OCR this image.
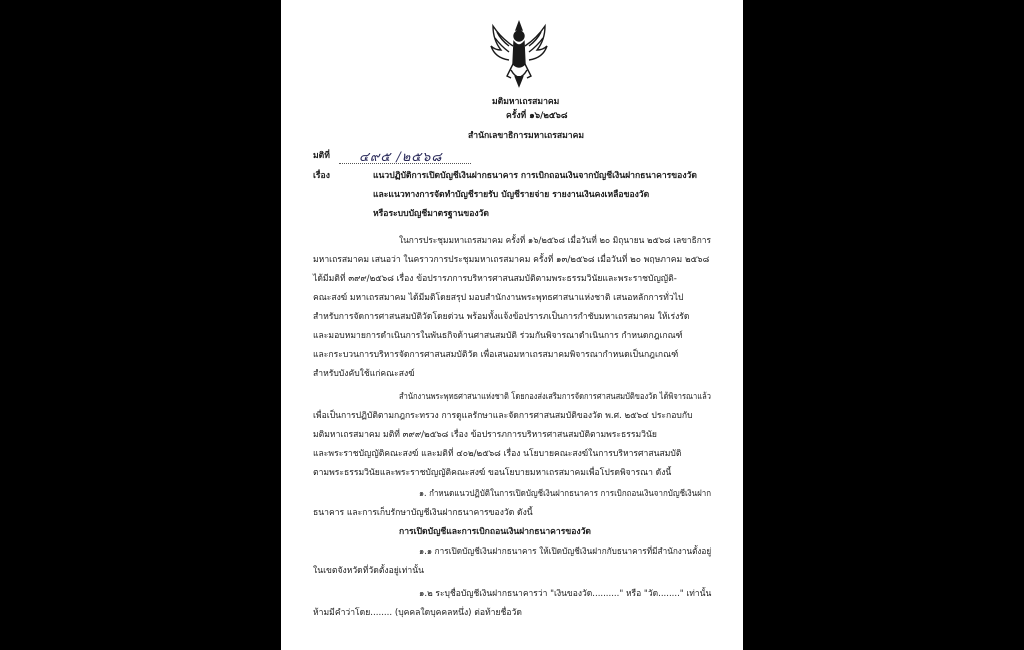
มติมหาเถรสมาคม
ครั้งที่ ๑๖/๒๕๖๘
สำนักเลขาธิการมหาเถรสมาคม
มติที่ ๔๙๕ /๒๕๖๘
เรื่อง	แนวปฏิบัติการเปิดบัญชีเงินฝากธนาคาร การเบิกถอนเงินจากบัญชีเงินฝากธนาคารของวัด
และแนวทางการจัดทำบัญชีรายรับ บัญชีรายจ่าย รายงานเงินคงเหลือของวัด
หรือระบบบัญชีมาตรฐานของวัด
ในการประชุมมหาเถรสมาคม ครั้งที่ ๑๖/๒๕๖๘ เมื่อวันที่ ๒๐ มิถุนายน ๒๕๖๘ เลขาธิการ
มหาเถรสมาคม เสนอว่า ในคราวการประชุมมหาเถรสมาคม ครั้งที่ ๑๓/๒๕๖๘ เมื่อวันที่ ๒๐ พฤษภาคม ๒๕๖๘
ได้มีมติที่ ๓๙๙/๒๕๖๘ เรื่อง ข้อปรารภการบริหารศาสนสมบัติตามพระธรรมวินัยและพระราชบัญญัติ-
คณะสงฆ์ มหาเถรสมาคม ได้มีมติโดยสรุป มอบสำนักงานพระพุทธศาสนาแห่งชาติ เสนอหลักการทั่วไป
สำหรับการจัดการศาสนสมบัติวัดโดยด่วน พร้อมทั้งแจ้งข้อปรารภเป็นการกำชับมหาเถรสมาคม ให้เร่งรัด
และมอบหมายการดำเนินการในพันธกิจด้านศาสนสมบัติ ร่วมกันพิจารณาดำเนินการ กำหนดกฎเกณฑ์
และกระบวนการบริหารจัดการศาสนสมบัติวัด เพื่อเสนอมหาเถรสมาคมพิจารณากำหนดเป็นกฎเกณฑ์
สำหรับบังคับใช้แก่คณะสงฆ์
สำนักงานพระพุทธศาสนาแห่งชาติ โดยกองส่งเสริมการจัดการศาสนสมบัติของวัด ได้พิจารณาแล้ว
เพื่อเป็นการปฏิบัติตามกฎกระทรวง การดูแลรักษาและจัดการศาสนสมบัติของวัด พ.ศ. ๒๕๖๔ ประกอบกับ
มติมหาเถรสมาคม มติที่ ๓๙๙/๒๕๖๘ เรื่อง ข้อปรารภการบริหารศาสนสมบัติตามพระธรรมวินัย
และพระราชบัญญัติคณะสงฆ์ และมติที่ ๔๐๒/๒๕๖๘ เรื่อง นโยบายคณะสงฆ์ในการบริหารศาสนสมบัติ
ตามพระธรรมวินัยและพระราชบัญญัติคณะสงฆ์ ขอนโยบายมหาเถรสมาคมเพื่อโปรดพิจารณา ดังนี้
๑. กำหนดแนวปฏิบัติในการเปิดบัญชีเงินฝากธนาคาร การเบิกถอนเงินจากบัญชีเงินฝาก
ธนาคาร และการเก็บรักษาบัญชีเงินฝากธนาคารของวัด ดังนี้
การเปิดบัญชีและการเบิกถอนเงินฝากธนาคารของวัด
๑.๑ การเปิดบัญชีเงินฝากธนาคาร ให้เปิดบัญชีเงินฝากกับธนาคารที่มีสำนักงานตั้งอยู่
ในเขตจังหวัดที่วัดตั้งอยู่เท่านั้น
๑.๒ ระบุชื่อบัญชีเงินฝากธนาคารว่า "เงินของวัด.........." หรือ "วัด........" เท่านั้น
ห้ามมีคำว่าโดย........ (บุคคลใดบุคคลหนึ่ง) ต่อท้ายชื่อวัด
